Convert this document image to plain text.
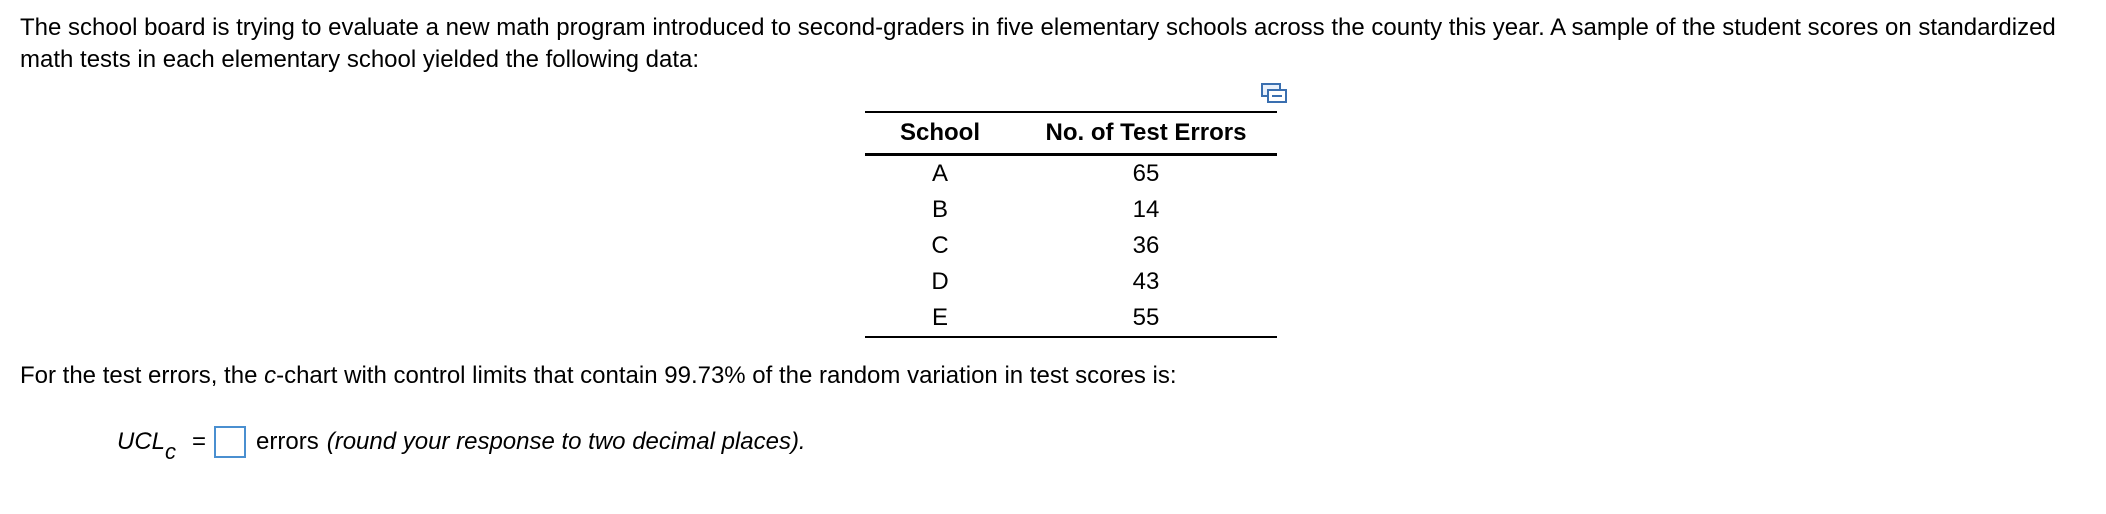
The school board is trying to evaluate a new math program introduced to second-graders in five elementary schools across the county this year. A sample of the student scores on standardized math tests in each elementary school yielded the following data:
School	No. of Test Errors
A	65
B	14
C	36
D	43
E	55
For the test errors, the c-chart with control limits that contain 99.73% of the random variation in test scores is:
UCLc = errors (round your response to two decimal places).
